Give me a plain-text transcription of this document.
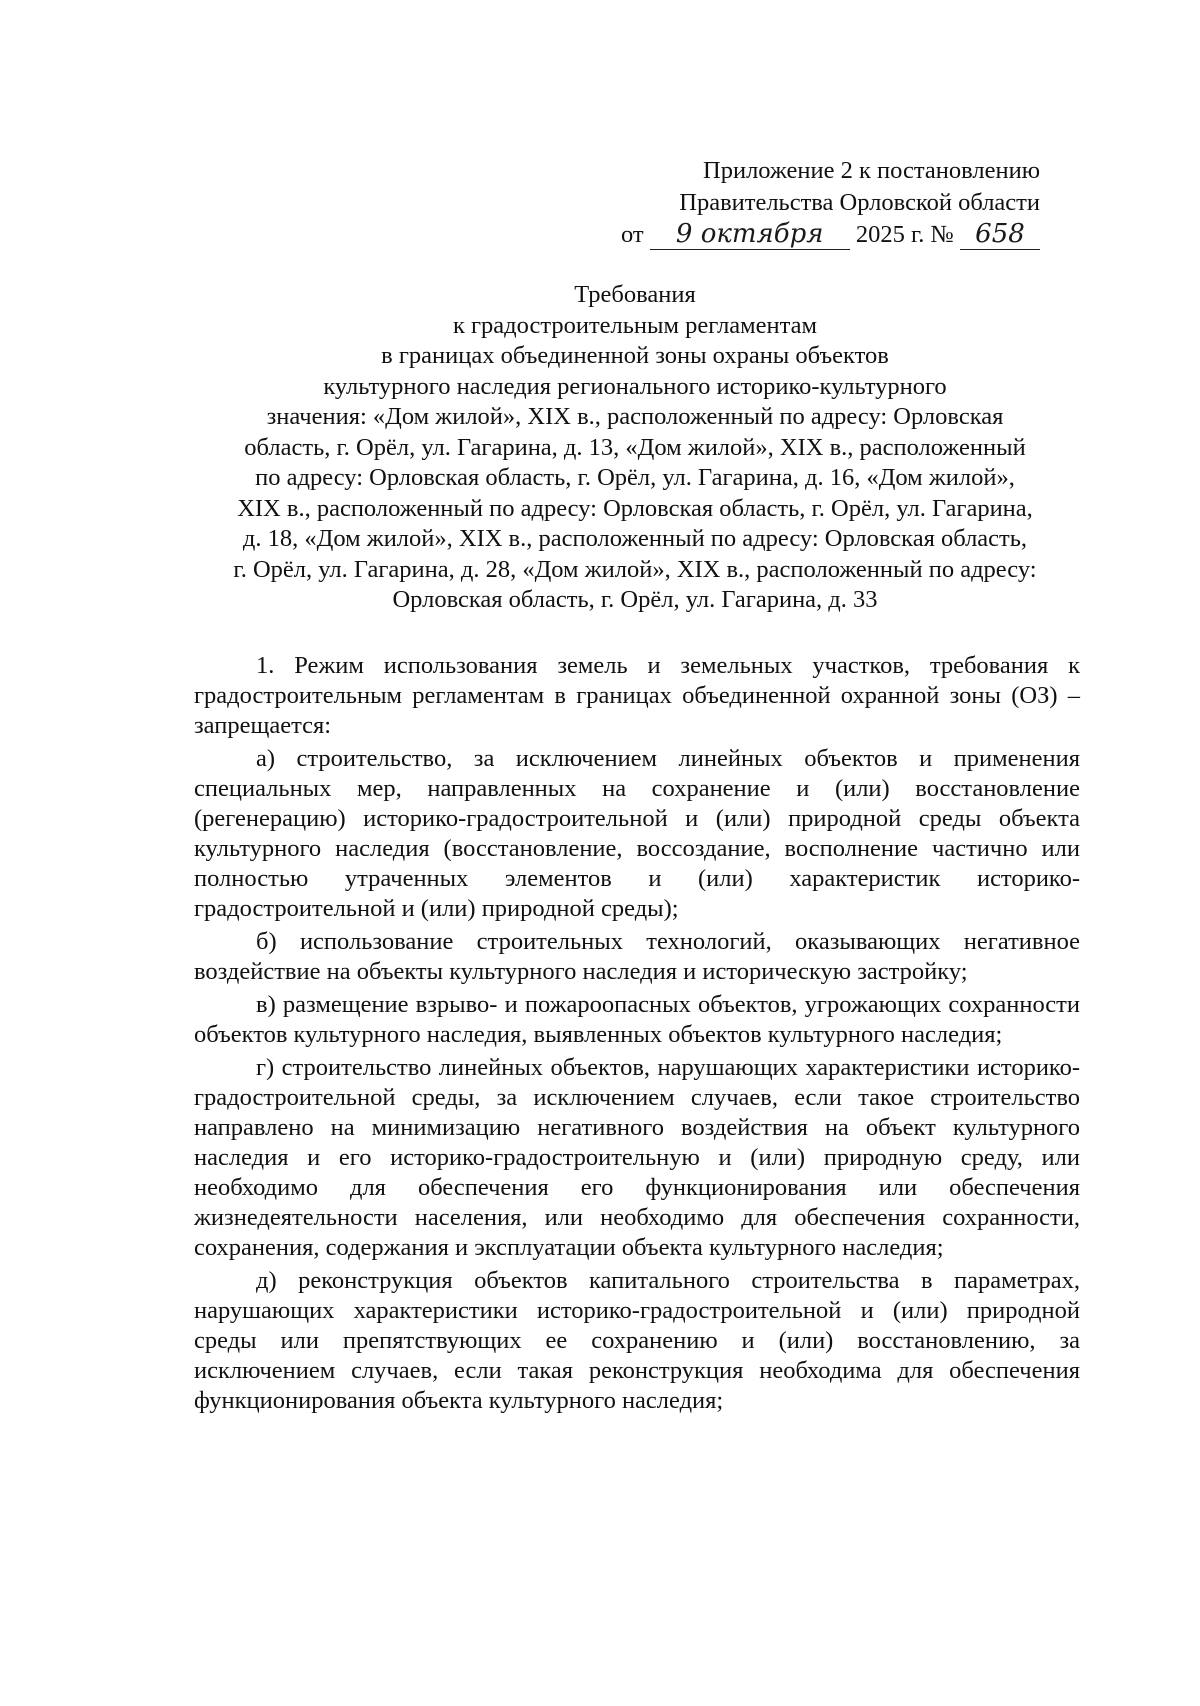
Приложение 2 к постановлению
Правительства Орловской области
от 9 октября 2025 г. № 658
Требования
к градостроительным регламентам
в границах объединенной зоны охраны объектов
культурного наследия регионального историко-культурного
значения: «Дом жилой», XIX в., расположенный по адресу: Орловская
область, г. Орёл, ул. Гагарина, д. 13, «Дом жилой», XIX в., расположенный
по адресу: Орловская область, г. Орёл, ул. Гагарина, д. 16, «Дом жилой»,
XIX в., расположенный по адресу: Орловская область, г. Орёл, ул. Гагарина,
д. 18, «Дом жилой», XIX в., расположенный по адресу: Орловская область,
г. Орёл, ул. Гагарина, д. 28, «Дом жилой», XIX в., расположенный по адресу:
Орловская область, г. Орёл, ул. Гагарина, д. 33

1. Режим использования земель и земельных участков, требования к градостроительным регламентам в границах объединенной охранной зоны (ОЗ) – запрещается:

а) строительство, за исключением линейных объектов и применения специальных мер, направленных на сохранение и (или) восстановление (регенерацию) историко-градостроительной и (или) природной среды объекта культурного наследия (восстановление, воссоздание, восполнение частично или полностью утраченных элементов и (или) характеристик историко-градостроительной и (или) природной среды);

б) использование строительных технологий, оказывающих негативное воздействие на объекты культурного наследия и историческую застройку;

в) размещение взрыво- и пожароопасных объектов, угрожающих сохранности объектов культурного наследия, выявленных объектов культурного наследия;

г) строительство линейных объектов, нарушающих характеристики историко-градостроительной среды, за исключением случаев, если такое строительство направлено на минимизацию негативного воздействия на объект культурного наследия и его историко-градостроительную и (или) природную среду, или необходимо для обеспечения его функционирования или обеспечения жизнедеятельности населения, или необходимо для обеспечения сохранности, сохранения, содержания и эксплуатации объекта культурного наследия;

д) реконструкция объектов капитального строительства в параметрах, нарушающих характеристики историко-градостроительной и (или) природной среды или препятствующих ее сохранению и (или) восстановлению, за исключением случаев, если такая реконструкция необходима для обеспечения функционирования объекта культурного наследия;
